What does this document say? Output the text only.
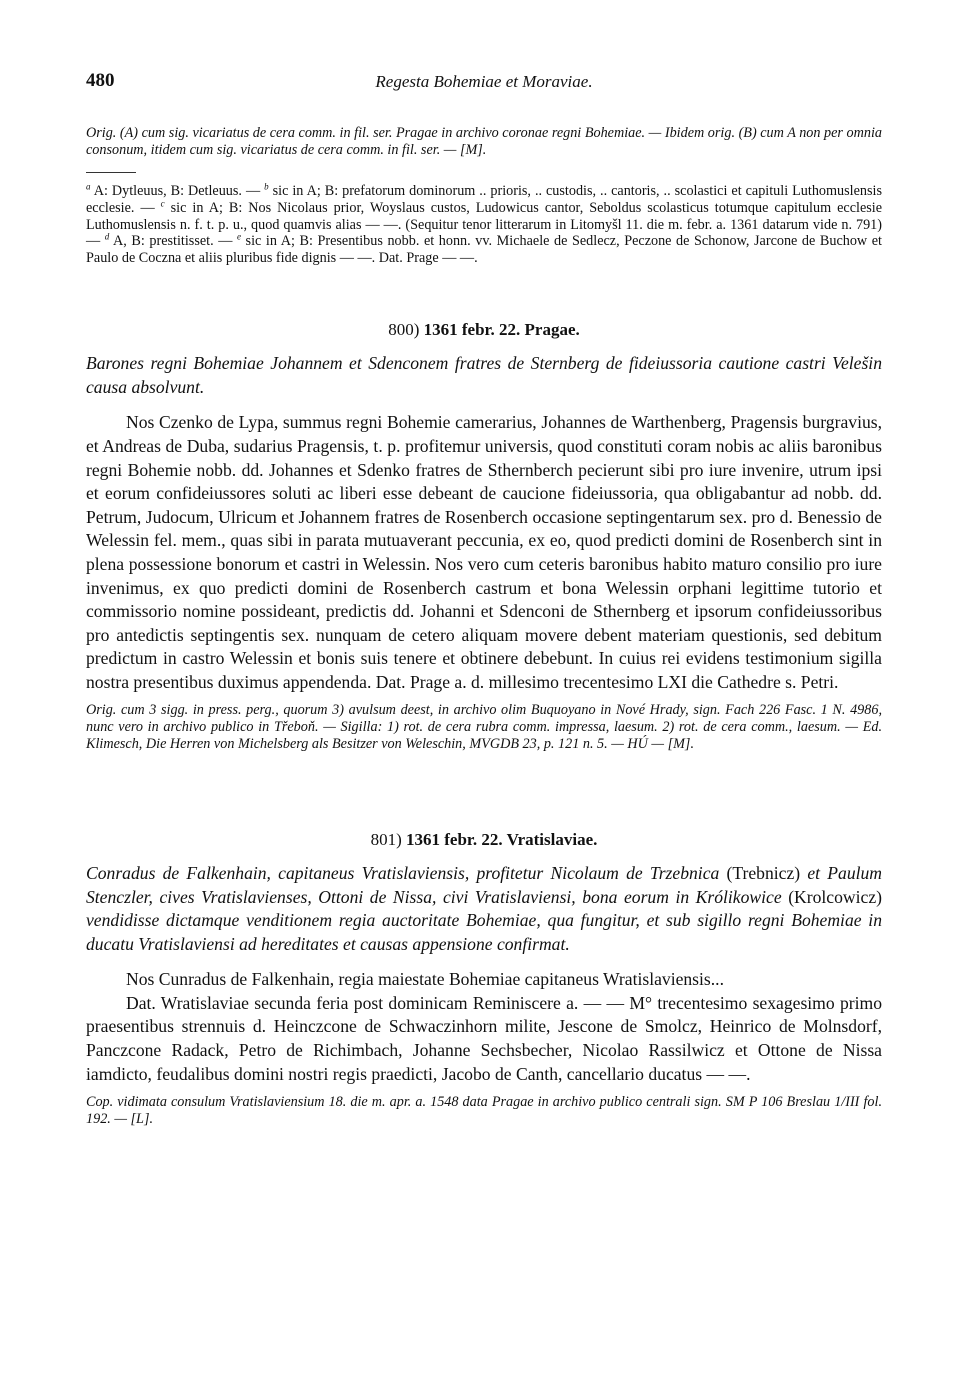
480	Regesta Bohemiae et Moraviae.

Orig. (A) cum sig. vicariatus de cera comm. in fil. ser. Pragae in archivo coronae regni Bohemiae. — Ibidem orig. (B) cum A non per omnia consonum, itidem cum sig. vicariatus de cera comm. in fil. ser. — [M].

$^a$ A: Dytleuus, B: Detleuus. — $^b$ sic in A; B: prefatorum dominorum .. prioris, .. custodis, .. cantoris, .. scolastici et capituli Luthomuslensis ecclesie. — $^c$ sic in A; B: Nos Nicolaus prior, Woyslaus custos, Ludowicus cantor, Seboldus scolasticus totumque capitulum ecclesie Luthomuslensis n. f. t. p. u., quod quamvis alias — —. (Sequitur tenor litterarum in Litomyšl 11. die m. febr. a. 1361 datarum vide n. 791) — $^d$ A, B: prestitisset. — $^e$ sic in A; B: Presentibus nobb. et honn. vv. Michaele de Sedlecz, Peczone de Schonow, Jarcone de Buchow et Paulo de Coczna et aliis pluribus fide dignis — —. Dat. Prage — —.

800) 1361 febr. 22. Pragae.

Barones regni Bohemiae Johannem et Sdenconem fratres de Sternberg de fideiussoria cautione castri Velešin causa absolvunt.

Nos Czenko de Lypa, summus regni Bohemie camerarius, Johannes de Warthenberg, Pragensis burgravius, et Andreas de Duba, sudarius Pragensis, t. p. profitemur universis, quod constituti coram nobis ac aliis baronibus regni Bohemie nobb. dd. Johannes et Sdenko fratres de Sthernberch pecierunt sibi pro iure invenire, utrum ipsi et eorum confideiussores soluti ac liberi esse debeant de caucione fideiussoria, qua obligabantur ad nobb. dd. Petrum, Judocum, Ulricum et Johannem fratres de Rosenberch occasione septingentarum sex. pro d. Benessio de Welessin fel. mem., quas sibi in parata mutuaverant peccunia, ex eo, quod predicti domini de Rosenberch sint in plena possessione bonorum et castri in Welessin. Nos vero cum ceteris baronibus habito maturo consilio pro iure invenimus, ex quo predicti domini de Rosenberch castrum et bona Welessin orphani legittime tutorio et commissorio nomine possideant, predictis dd. Johanni et Sdenconi de Sthernberg et ipsorum confideiussoribus pro antedictis septingentis sex. nunquam de cetero aliquam movere debent materiam questionis, sed debitum predictum in castro Welessin et bonis suis tenere et obtinere debebunt. In cuius rei evidens testimonium sigilla nostra presentibus duximus appendenda. Dat. Prage a. d. millesimo trecentesimo LXI die Cathedre s. Petri.

Orig. cum 3 sigg. in press. perg., quorum 3) avulsum deest, in archivo olim Buquoyano in Nové Hrady, sign. Fach 226 Fasc. 1 N. 4986, nunc vero in archivo publico in Třeboň. — Sigilla: 1) rot. de cera rubra comm. impressa, laesum. 2) rot. de cera comm., laesum. — Ed. Klimesch, Die Herren von Michelsberg als Besitzer von Weleschin, MVGDB 23, p. 121 n. 5. — HÚ — [M].

801) 1361 febr. 22. Vratislaviae.

Conradus de Falkenhain, capitaneus Vratislaviensis, profitetur Nicolaum de Trzebnica (Trebnicz) et Paulum Stenczler, cives Vratislavienses, Ottoni de Nissa, civi Vratislaviensi, bona eorum in Królikowice (Krolcowicz) vendidisse dictamque venditionem regia auctoritate Bohemiae, qua fungitur, et sub sigillo regni Bohemiae in ducatu Vratislaviensi ad hereditates et causas appensione confirmat.

Nos Cunradus de Falkenhain, regia maiestate Bohemiae capitaneus Wratislaviensis...

Dat. Wratislaviae secunda feria post dominicam Reminiscere a. — — M° trecentesimo sexagesimo primo praesentibus strennuis d. Heinczcone de Schwaczinhorn milite, Jescone de Smolcz, Heinrico de Molnsdorf, Panczcone Radack, Petro de Richimbach, Johanne Sechsbecher, Nicolao Rassilwicz et Ottone de Nissa iamdicto, feudalibus domini nostri regis praedicti, Jacobo de Canth, cancellario ducatus — —.

Cop. vidimata consulum Vratislaviensium 18. die m. apr. a. 1548 data Pragae in archivo publico centrali sign. SM P 106 Breslau 1/III fol. 192. — [L].
